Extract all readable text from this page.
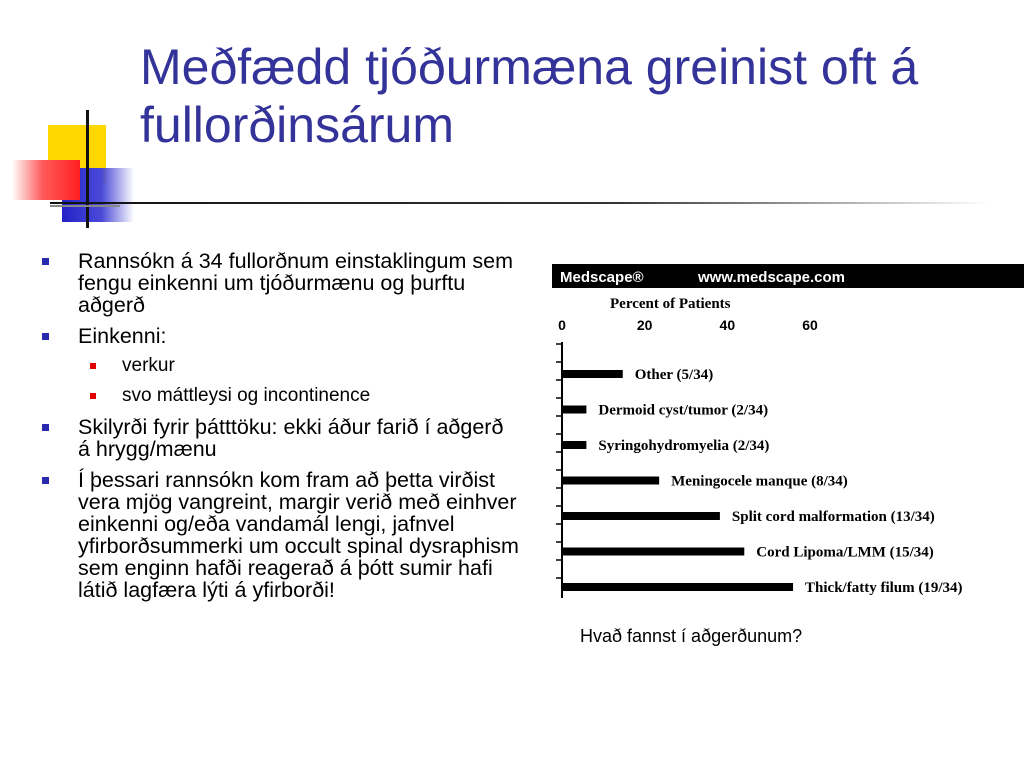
Meðfædd tjóðurmæna greinist oft á fullorðinsárum
Rannsókn á 34 fullorðnum einstaklingum sem fengu einkenni um tjóðurmænu og þurftu aðgerð
Einkenni:
verkur
svo máttleysi og incontinence
Skilyrði fyrir þátttöku: ekki áður farið í aðgerð á hrygg/mænu
Í þessari rannsókn kom fram að þetta virðist vera mjög vangreint, margir verið með einhver einkenni og/eða vandamál lengi, jafnvel yfirborðsummerki um occult spinal dysraphism sem enginn hafði reagerað á þótt sumir hafi látið lagfæra lýti á yfirborði!
Medscape®	www.medscape.com
Percent of Patients
0	20	40	60
Other (5/34)
Dermoid cyst/tumor (2/34)
Syringohydromyelia (2/34)
Meningocele manque (8/34)
Split cord malformation (13/34)
Cord Lipoma/LMM (15/34)
Thick/fatty filum (19/34)
Hvað fannst í aðgerðunum?
